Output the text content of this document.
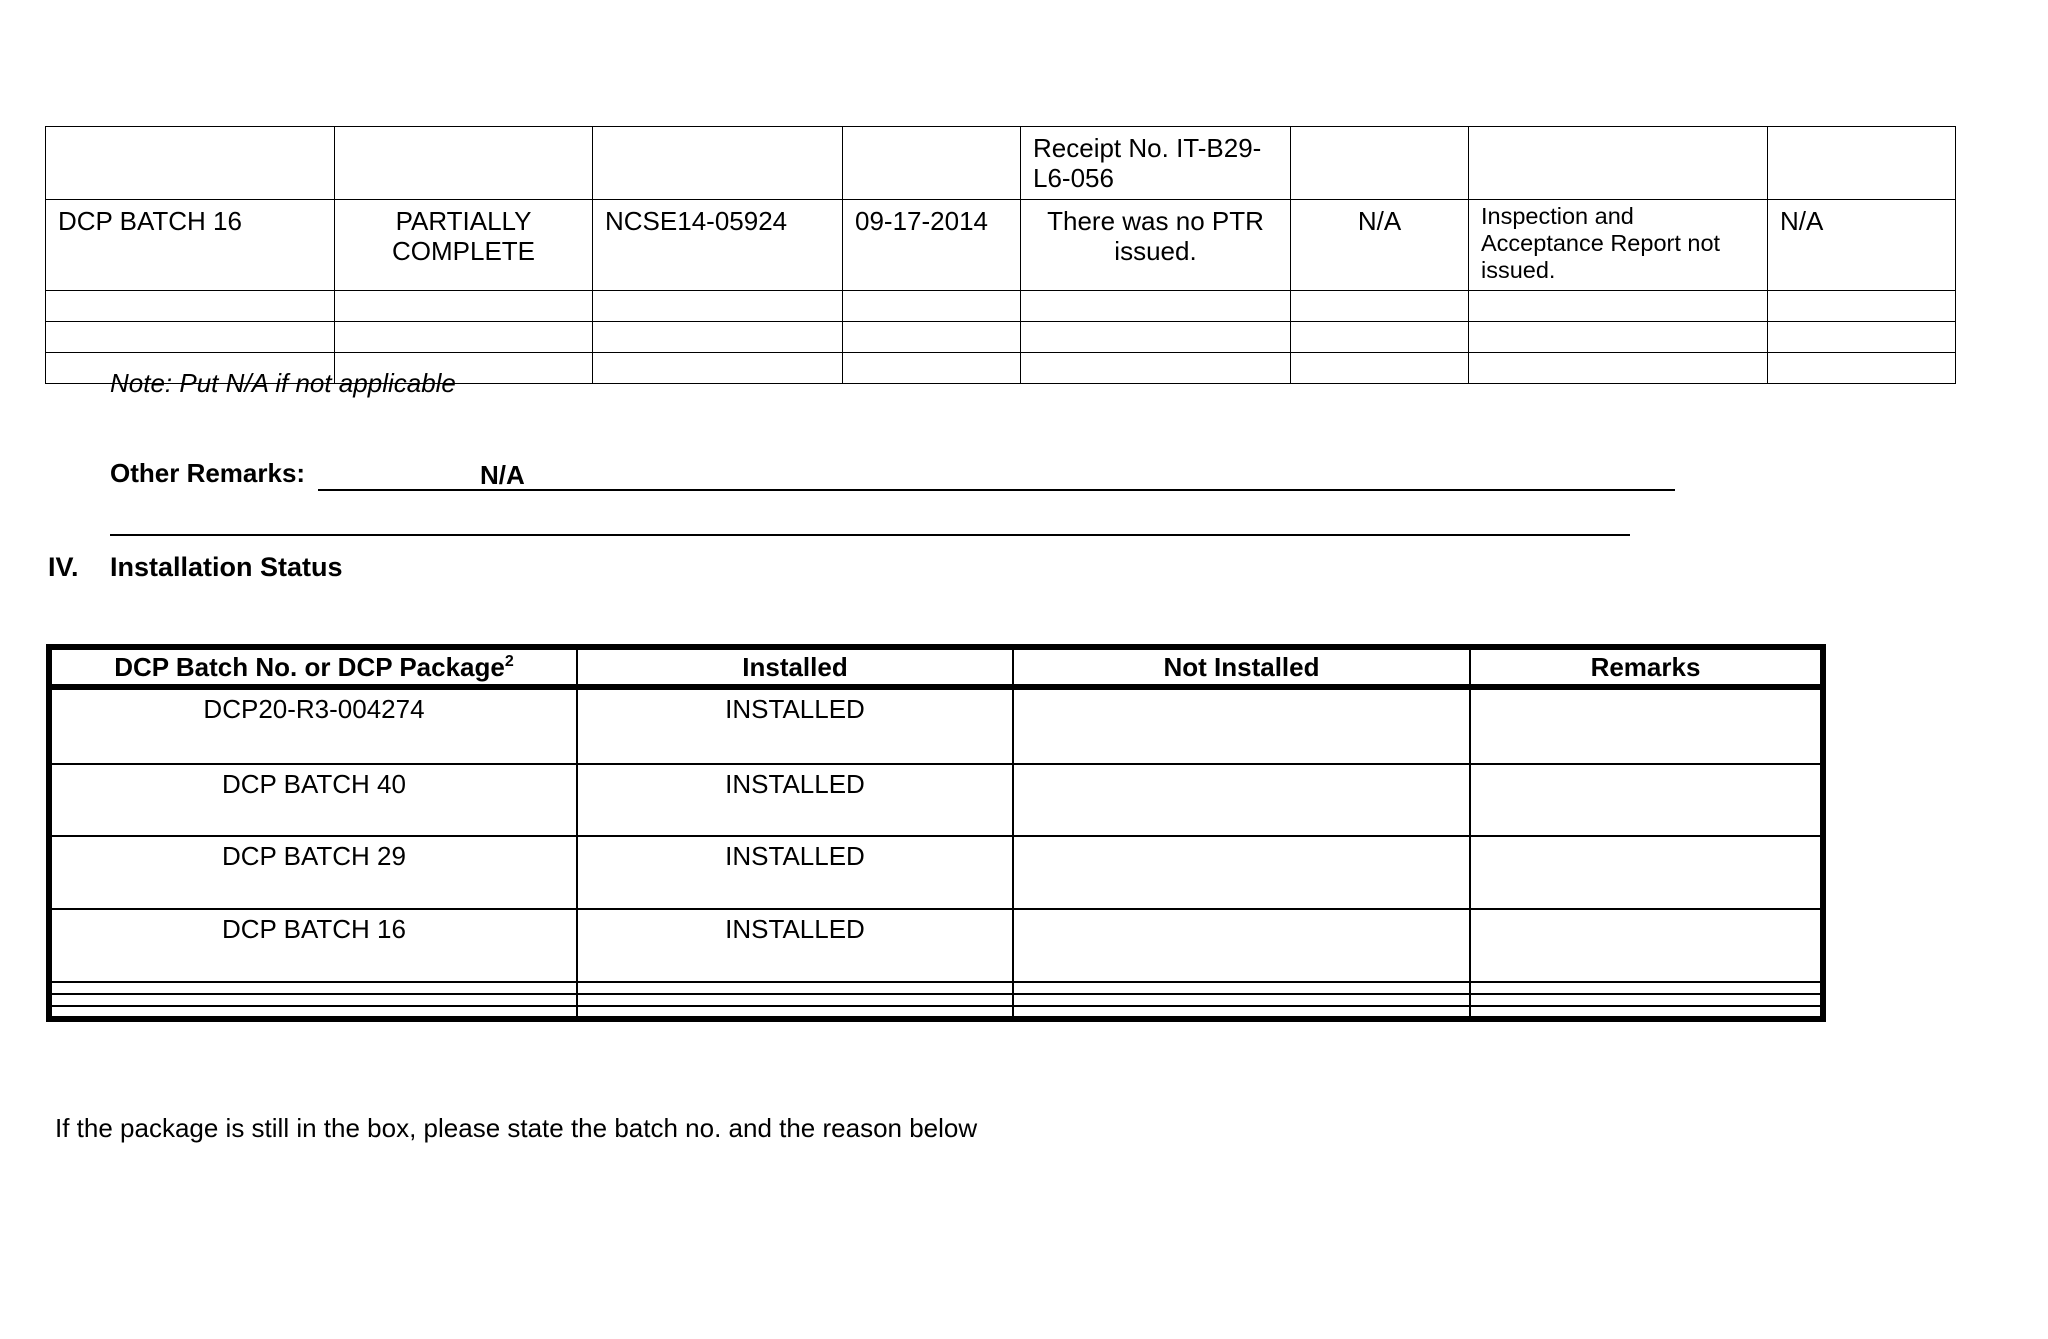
				Receipt No. IT-B29-L6-056			
DCP BATCH 16	PARTIALLY COMPLETE	NCSE14-05924	09-17-2014	There was no PTR issued.	N/A	Inspection and Acceptance Report not issued.	N/A

Note: Put N/A if not applicable
Other Remarks:	N/A
IV. Installation Status
DCP Batch No. or DCP Package$^2$	Installed	Not Installed	Remarks
DCP20-R3-004274	INSTALLED		
DCP BATCH 40	INSTALLED		
DCP BATCH 29	INSTALLED		
DCP BATCH 16	INSTALLED		

If the package is still in the box, please state the batch no. and the reason below
